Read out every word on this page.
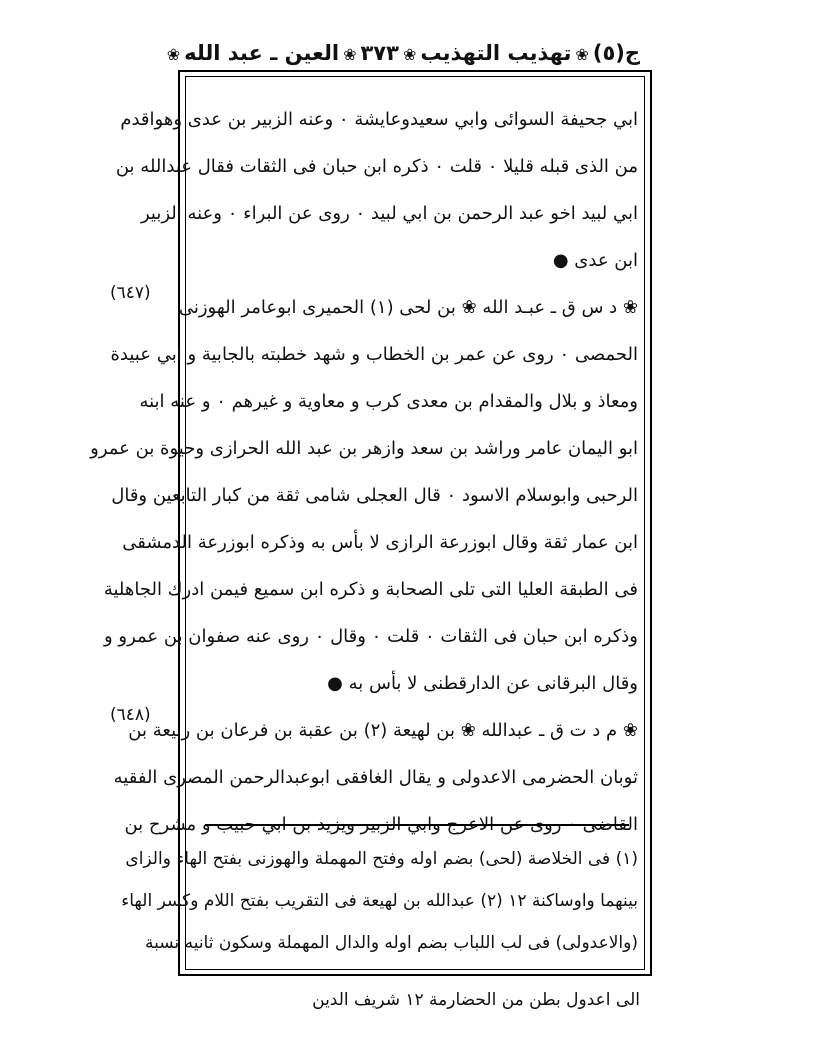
ج(٥)
❀تهذيب التهذيب❀
٣٧٣
❀العين ـ عبد الله❀
ابي جحيفة السوائى وابي سعيدوعايشة ٠ وعنه الزبير بن عدى وهواقدم
من الذى قبله قليلا ٠ قلت ٠ ذكره ابن حبان فى الثقات فقال عبدالله بن
ابي لبيد اخو عبد الرحمن بن ابي لبيد ٠ روى عن البراء ٠ وعنه الزبير
ابن عدى ●
❀ د س ق ـ عبـد الله ❀ بن لحى (١) الحميرى ابوعامر الهوزنى
الحمصى ٠ روى عن عمر بن الخطاب و شهد خطبته بالجابية و ابي عبيدة
ومعاذ و بلال والمقدام بن معدى كرب و معاوية و غيرهم ٠ و عنه ابنه
ابو اليمان عامر وراشد بن سعد وازهر بن عبد الله الحرازى وحيوة بن عمرو
الرحبى وابوسلام الاسود ٠ قال العجلى شامى ثقة من كبار التابعين وقال
ابن عمار ثقة وقال ابوزرعة الرازى لا بأس به وذكره ابوزرعة الدمشقى
فى الطبقة العليا التى تلى الصحابة و ذكره ابن سميع فيمن ادرك الجاهلية
وذكره ابن حبان فى الثقات ٠ قلت ٠ وقال ٠ روى عنه صفوان بن عمرو و
وقال البرقانى عن الدارقطنى لا بأس به ●
❀ م د ت ق ـ عبدالله ❀ بن لهيعة (٢) بن عقبة بن فرعان بن ربيعة بن
ثوبان الحضرمى الاعدولى و يقال الغافقى ابوعبدالرحمن المصرى الفقيه
القاضى ٠ روى عن الاعرج وابي الزبير ويزيد بن ابي حبيب و مشرح بن
(٦٤٧)
(٦٤٨)
(١) فى الخلاصة (لحى) بضم اوله وفتح المهملة والهوزنى بفتح الهاء والزاى
بينهما واوساكنة ١٢ (٢) عبدالله بن لهيعة فى التقريب بفتح اللام وكسر الهاء
(والاعدولى) فى لب اللباب بضم اوله والدال المهملة وسكون ثانيه نسبة
الى اعدول بطن من الحضارمة ١٢ شريف الدين
